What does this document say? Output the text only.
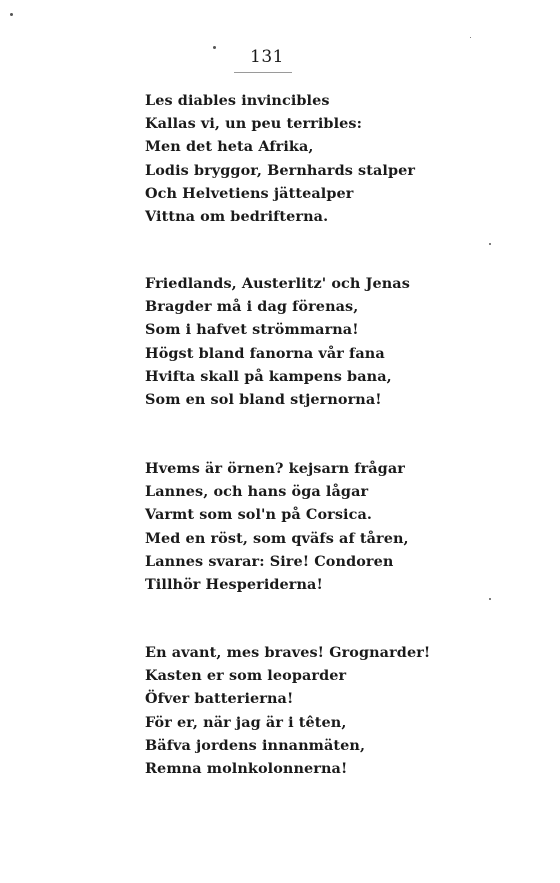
131
Les diables invincibles
Kallas vi, un peu terribles:
Men det heta Afrika,
Lodis bryggor, Bernhards stalper
Och Helvetiens jättealper
Vittna om bedrifterna.
Friedlands, Austerlitz' och Jenas
Bragder må i dag förenas,
Som i hafvet strömmarna!
Högst bland fanorna vår fana
Hvifta skall på kampens bana,
Som en sol bland stjernorna!
Hvems är örnen? kejsarn frågar
Lannes, och hans öga lågar
Varmt som sol'n på Corsica.
Med en röst, som qväfs af tåren,
Lannes svarar: Sire! Condoren
Tillhör Hesperiderna!
En avant, mes braves! Grognarder!
Kasten er som leoparder
Öfver batterierna!
För er, när jag är i têten,
Bäfva jordens innanmäten,
Remna molnkolonnerna!
